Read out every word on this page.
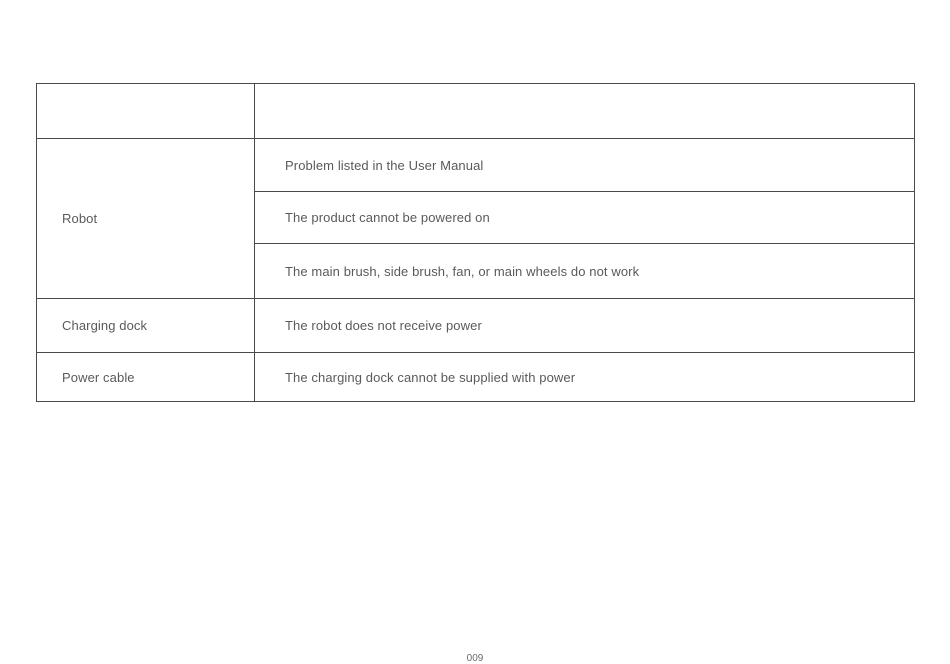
Robot	Problem listed in the User Manual
	The product cannot be powered on
	The main brush, side brush, fan, or main wheels do not work
Charging dock	The robot does not receive power
Power cable	The charging dock cannot be supplied with power
009
